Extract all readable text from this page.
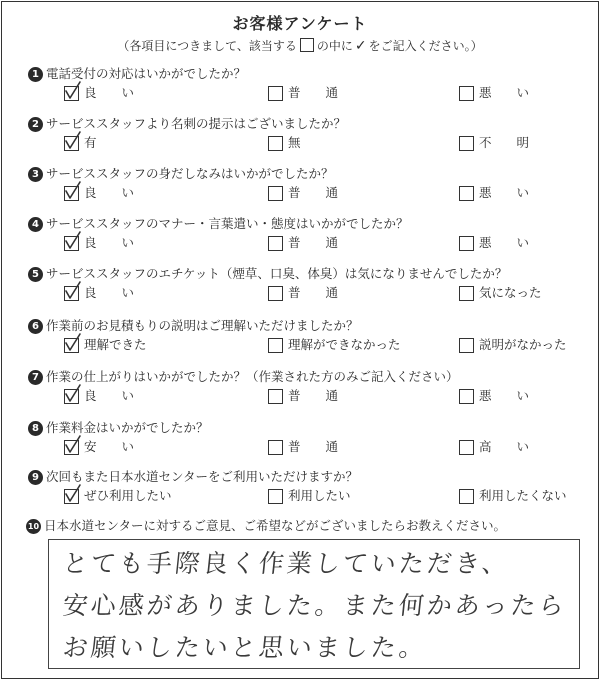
お客様アンケート
（各項目につきまして、該当する の中に ✓ をご記入ください。）
1 電話受付の対応はいかがでしたか？
良　　い	普　　通	悪　　い
2 サービススタッフより名刺の提示はございましたか？
有	無	不　　明
3 サービススタッフの身だしなみはいかがでしたか？
良　　い	普　　通	悪　　い
4 サービススタッフのマナー・言葉遣い・態度はいかがでしたか？
良　　い	普　　通	悪　　い
5 サービススタッフのエチケット（煙草、口臭、体臭）は気になりませんでしたか？
良　　い	普　　通	気になった
6 作業前のお見積もりの説明はご理解いただけましたか？
理解できた	理解ができなかった	説明がなかった
7 作業の仕上がりはいかがでしたか？（作業された方のみご記入ください）
良　　い	普　　通	悪　　い
8 作業料金はいかがでしたか？
安　　い	普　　通	高　　い
9 次回もまた日本水道センターをご利用いただけますか？
ぜひ利用したい	利用したい	利用したくない
10 日本水道センターに対するご意見、ご希望などがございましたらお教えください。
とても手際良く作業していただき、
安心感がありました。また何かあったら
お願いしたいと思いました。
